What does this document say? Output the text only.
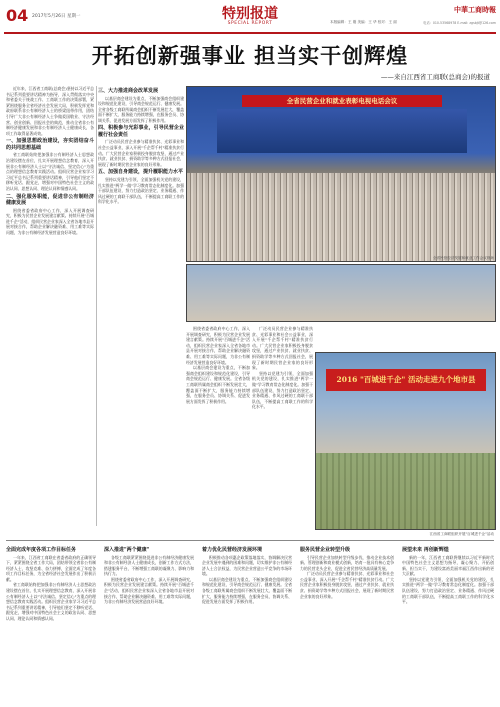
04 2017年5月26日 星期一	特别报道
SPECIAL REPORT	本版编辑：王 刚 美编：王 华 校对：王 丽
中華工商時報
电话：010-53568978 E-mail: zgsbjt@126.com
开拓创新强事业 担当实干创辉煌
——来自江西省工商联(总商会)的报道

近年来，江西省工商联(总商会)坚持以习近平总书记系列重要讲话精神为指导，深入贯彻落实中央和省委关于统战工作、工商联工作的决策部署，紧紧围绕服务全省经济社会发展大局，积极发挥党和政府联系非公有制经济人士的桥梁纽带作用，团结引导广大非公有制经济人士争做爱国敬业、守法经营、创业创新、回报社会的典范，推动全省非公有制经济健康发展和非公有制经济人士健康成长，各项工作取得显著成效。

一、加强思想政治建设，夯实团结奋斗的共同思想基础

省工商联始终把加强非公有制经济人士思想政治建设摆在首位，扎实开展理想信念教育，深入开展非公有制经济人士以"守法诚信、坚定信心"为重点的理想信念教育实践活动。组织民营企业家学习习近平总书记系列重要讲话精神，引导他们坚定不移听党话、跟党走，增强对中国特色社会主义的政治认同、思想认同、理论认同和情感认同。

二、强化服务职能，促进非公有制经济健康发展

围绕省委省政府中心工作，深入开展调查研究，积极为民营企业发展建言献策。持续开展"百城进千企"活动，组织民营企业家深入全省各地市县开展对接合作，帮助企业解决融资难、用工难等实际问题，为非公有制经济发展营造良好环境。

三、大力推进商会改革发展

以基层商会建设为重点，不断加强商会组织建设和规范化建设，引导商会规范运行、健康发展。全省各级工商联所属商会组织不断发展壮大，覆盖面不断扩大，服务能力持续增强，在服务会员、协调关系、促进发展方面发挥了积极作用。

四、积极参与光彩事业，引导民营企业履行社会责任

广泛动员民营企业参与精准扶贫、光彩事业和社会公益事业，深入开展"千企帮千村"精准扶贫行动。广大民营企业家积极投身脱贫攻坚，通过产业扶贫、就业扶贫、捐资助学等多种方式回报社会，展现了新时期民营企业家的良好形象。

五、加强自身建设，提升履职能力水平

坚持以党建为引领，全面加强机关党的建设，扎实推进"两学一做"学习教育常态化制度化。加强干部队伍建设，努力打造政治坚定、业务精通、作风过硬的工商联干部队伍，不断提高工商联工作的科学化水平。

全省民营企业和就业表彰电视电话会议
全省民营经济发展和就业工作会议现场

围绕省委省政府中心工作，深入开展调查研究，积极为民营企业发展建言献策。持续开展"百城进千企"活动，组织民营企业家深入全省各地市县开展对接合作，帮助企业解决融资难、用工难等实际问题，为非公有制经济发展营造良好环境。

以基层商会建设为重点，不断加强商会组织建设和规范化建设，引导商会规范运行、健康发展。全省各级工商联所属商会组织不断发展壮大，覆盖面不断扩大，服务能力持续增强，在服务会员、协调关系、促进发展方面发挥了积极作用。

广泛动员民营企业参与精准扶贫、光彩事业和社会公益事业，深入开展"千企帮千村"精准扶贫行动。广大民营企业家积极投身脱贫攻坚，通过产业扶贫、就业扶贫、捐资助学等多种方式回报社会，展现了新时期民营企业家的良好形象。

坚持以党建为引领，全面加强机关党的建设，扎实推进"两学一做"学习教育常态化制度化。加强干部队伍建设，努力打造政治坚定、业务精通、作风过硬的工商联干部队伍，不断提高工商联工作的科学化水平。

2016 "百城进千企" 活动走进九个地市县
江西省工商联组织开展"百城进千企"活动
全面完成年度各项工作目标任务

一年来，江西省工商联在省委省政府的正确领导下，紧紧围绕全省工作大局，团结带领全省非公有制经济人士，攻坚克难、奋力拼搏，全面完成了年度各项工作目标任务，为全省经济社会发展作出了积极贡献。

省工商联始终把加强非公有制经济人士思想政治建设摆在首位，扎实开展理想信念教育，深入开展非公有制经济人士以"守法诚信、坚定信心"为重点的理想信念教育实践活动。组织民营企业家学习习近平总书记系列重要讲话精神，引导他们坚定不移听党话、跟党走，增强对中国特色社会主义的政治认同、思想认同、理论认同和情感认同。

深入推进"两个健康"

各级工商联紧紧围绕促进非公有制经济健康发展和非公有制经济人士健康成长，创新工作方式方法，搭建服务平台，不断增强工商联的凝聚力、影响力和执行力。

围绕省委省政府中心工作，深入开展调查研究，积极为民营企业发展建言献策。持续开展"百城进千企"活动，组织民营企业家深入全省各地市县开展对接合作，帮助企业解决融资难、用工难等实际问题，为非公有制经济发展营造良好环境。

着力优化民营经济发展环境

积极推动各项惠企政策落地落实，协调解决民营企业发展中遇到的困难和问题，切实维护非公有制经济人士合法权益，为民营企业营造公平竞争的市场环境。

以基层商会建设为重点，不断加强商会组织建设和规范化建设，引导商会规范运行、健康发展。全省各级工商联所属商会组织不断发展壮大，覆盖面不断扩大，服务能力持续增强，在服务会员、协调关系、促进发展方面发挥了积极作用。

服务民营企业转型升级

引导民营企业加快转型升级步伐，推动企业技术创新、管理创新和商业模式创新，培育一批具有核心竞争力的民营龙头企业，促进全省民营经济高质量发展。

广泛动员民营企业参与精准扶贫、光彩事业和社会公益事业，深入开展"千企帮千村"精准扶贫行动。广大民营企业家积极投身脱贫攻坚，通过产业扶贫、就业扶贫、捐资助学等多种方式回报社会，展现了新时期民营企业家的良好形象。

展望未来 再创新辉煌

新的一年，江西省工商联将继续以习近平新时代中国特色社会主义思想为指导，凝心聚力、开拓创新、担当实干，为建设富裕美丽幸福江西作出新的更大贡献。

坚持以党建为引领，全面加强机关党的建设，扎实推进"两学一做"学习教育常态化制度化。加强干部队伍建设，努力打造政治坚定、业务精通、作风过硬的工商联干部队伍，不断提高工商联工作的科学化水平。
